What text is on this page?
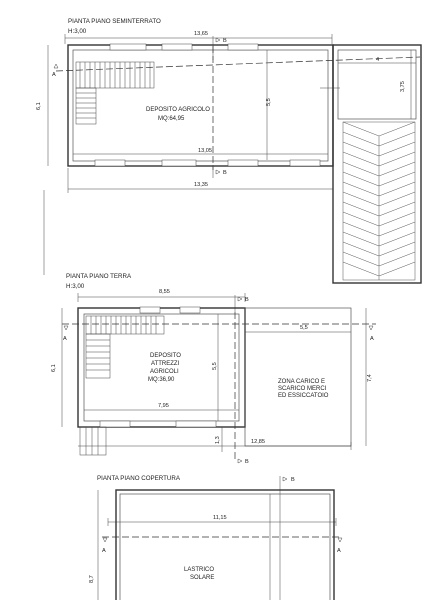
PIANTA PIANO SEMINTERRATO
H:3,00	13,65
B
DEPOSITO AGRICOLO
MQ:64,95
A
B
5,5
13,05
13,35
6,1
4
3,75
PIANTA PIANO TERRA
H:3,00
8,55
B
DEPOSITO
ATTREZZI
AGRICOLI
MQ:36,90
A	A
B
5,5
ZONA CARICO E
SCARICO MERCI
ED ESSICCATOIO
5,5
7,95
1,3	12,85
6,1
7,4
PIANTA PIANO COPERTURA	B
11,15
A	A
8,7
LASTRICO
SOLARE
